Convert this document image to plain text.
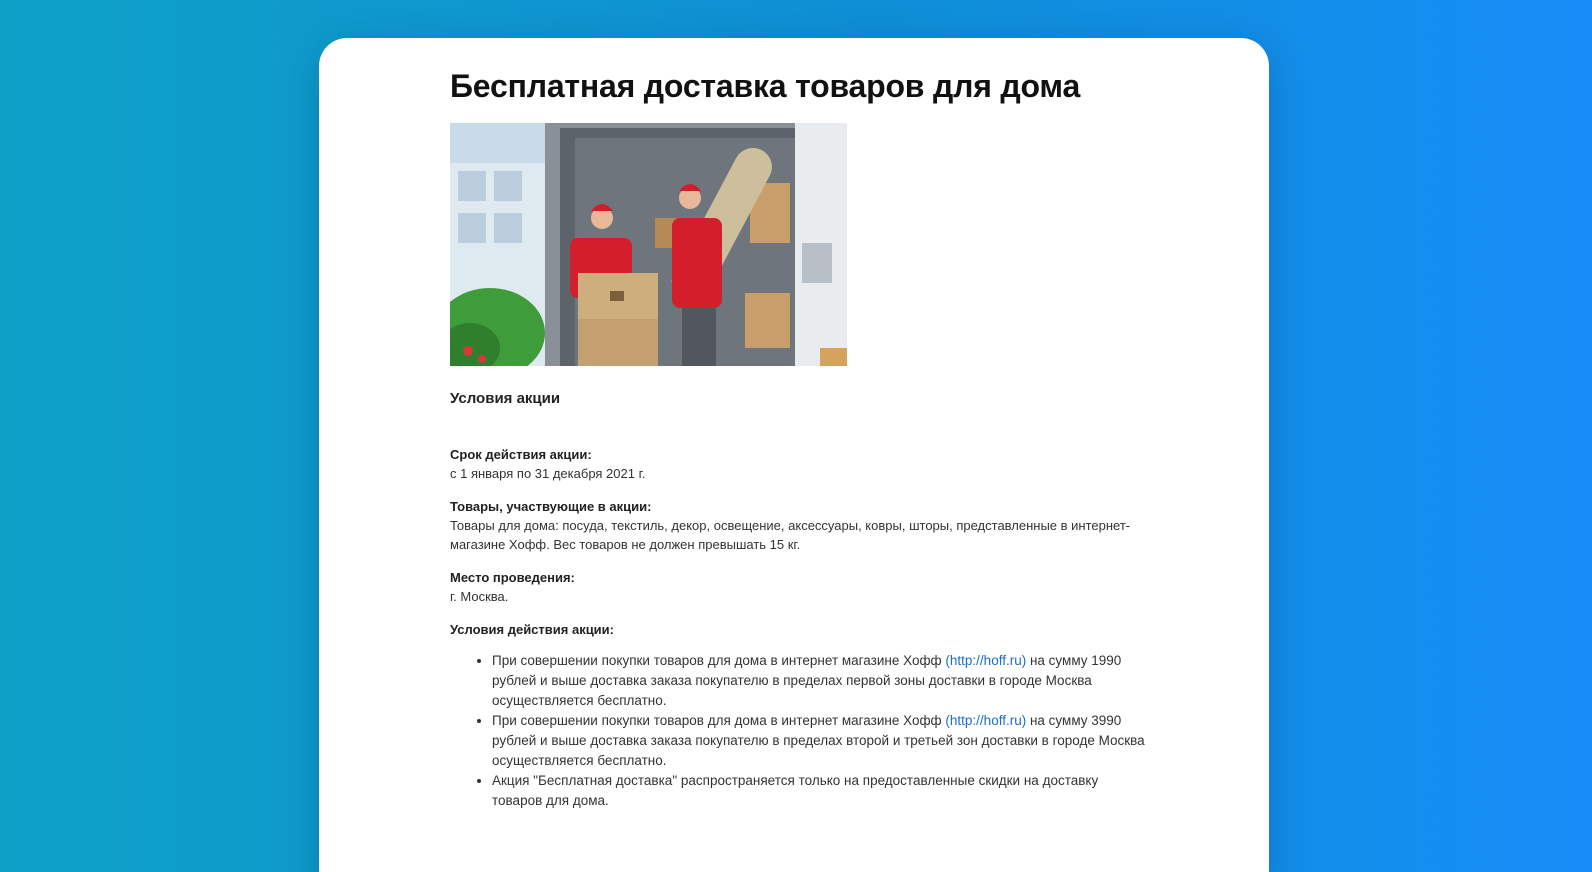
Бесплатная доставка товаров для дома
Условия акции
Срок действия акции:
с 1 января по 31 декабря 2021 г.
Товары, участвующие в акции:
Товары для дома: посуда, текстиль, декор, освещение, аксессуары, ковры, шторы, представленные в интернет-магазине Хофф. Вес товаров не должен превышать 15 кг.
Место проведения:
г. Москва.
Условия действия акции:
• При совершении покупки товаров для дома в интернет магазине Хофф (http://hoff.ru) на сумму 1990 рублей и выше доставка заказа покупателю в пределах первой зоны доставки в городе Москва осуществляется бесплатно.
• При совершении покупки товаров для дома в интернет магазине Хофф (http://hoff.ru) на сумму 3990 рублей и выше доставка заказа покупателю в пределах второй и третьей зон доставки в городе Москва осуществляется бесплатно.
• Акция "Бесплатная доставка" распространяется только на предоставленные скидки на доставку товаров для дома.
